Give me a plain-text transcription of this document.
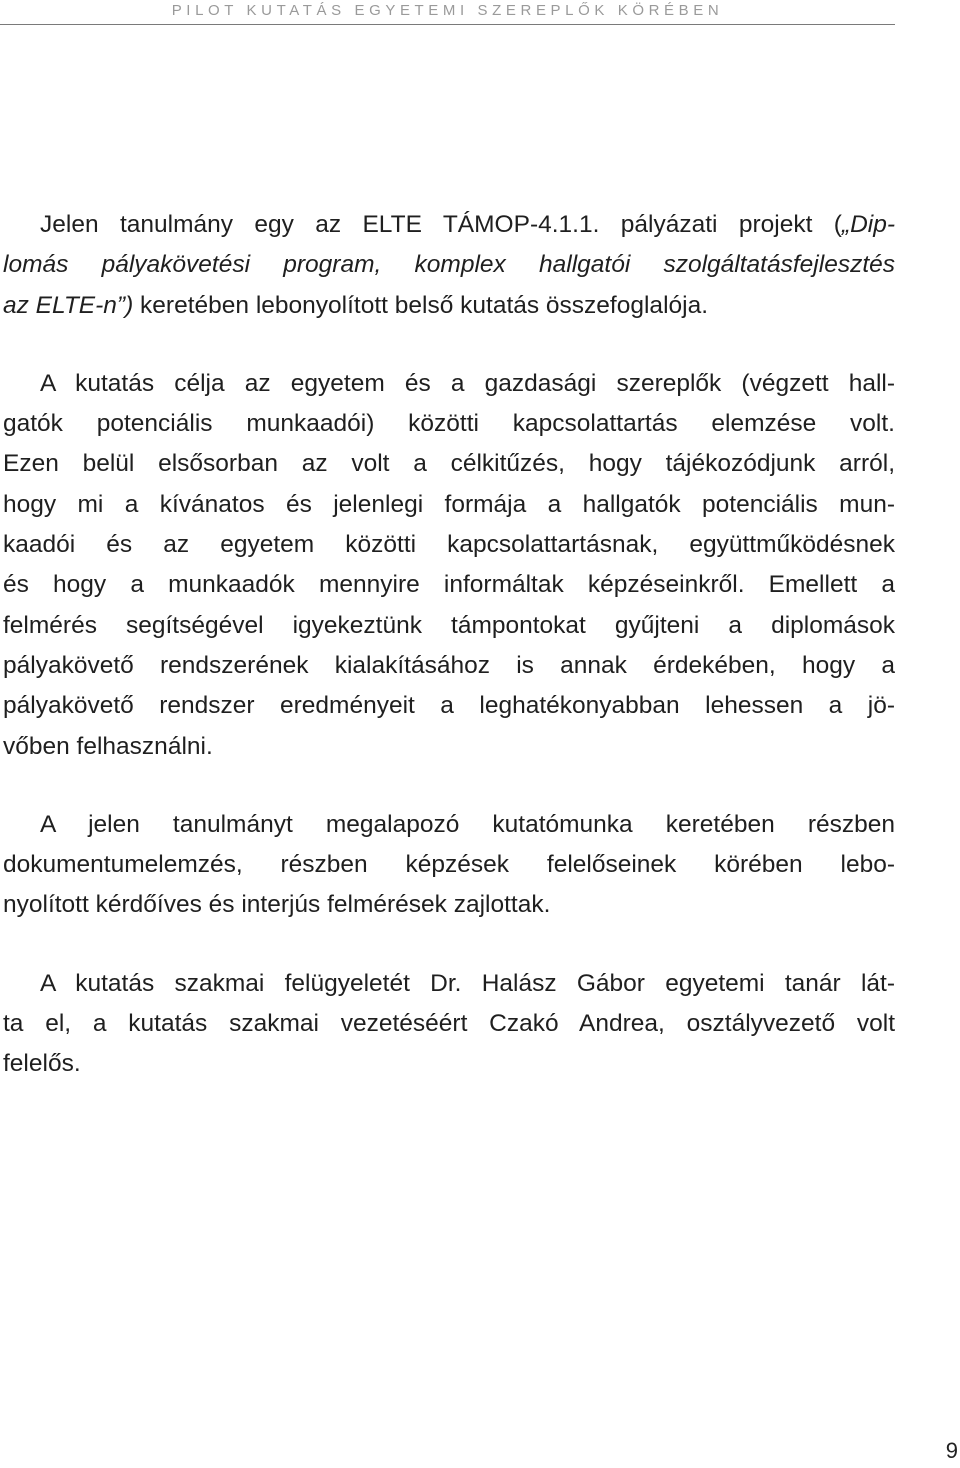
PILOT KUTATÁS EGYETEMI SZEREPLŐK KÖRÉBEN
Jelen tanulmány egy az ELTE TÁMOP-4.1.1. pályázati projekt („Dip-
lomás pályakövetési program, komplex hallgatói szolgáltatásfejlesztés
az ELTE-n”) keretében lebonyolított belső kutatás összefoglalója.
A kutatás célja az egyetem és a gazdasági szereplők (végzett hall-
gatók potenciális munkaadói) közötti kapcsolattartás elemzése volt.
Ezen belül elsősorban az volt a célkitűzés, hogy tájékozódjunk arról,
hogy mi a kívánatos és jelenlegi formája a hallgatók potenciális mun-
kaadói és az egyetem közötti kapcsolattartásnak, együttműködésnek
és hogy a munkaadók mennyire informáltak képzéseinkről. Emellett a
felmérés segítségével igyekeztünk támpontokat gyűjteni a diplomások
pályakövető rendszerének kialakításához is annak érdekében, hogy a
pályakövető rendszer eredményeit a leghatékonyabban lehessen a jö-
vőben felhasználni.
A jelen tanulmányt megalapozó kutatómunka keretében részben
dokumentumelemzés, részben képzések felelőseinek körében lebo-
nyolított kérdőíves és interjús felmérések zajlottak.
A kutatás szakmai felügyeletét Dr. Halász Gábor egyetemi tanár lát-
ta el, a kutatás szakmai vezetéséért Czakó Andrea, osztályvezető volt
felelős.
9
